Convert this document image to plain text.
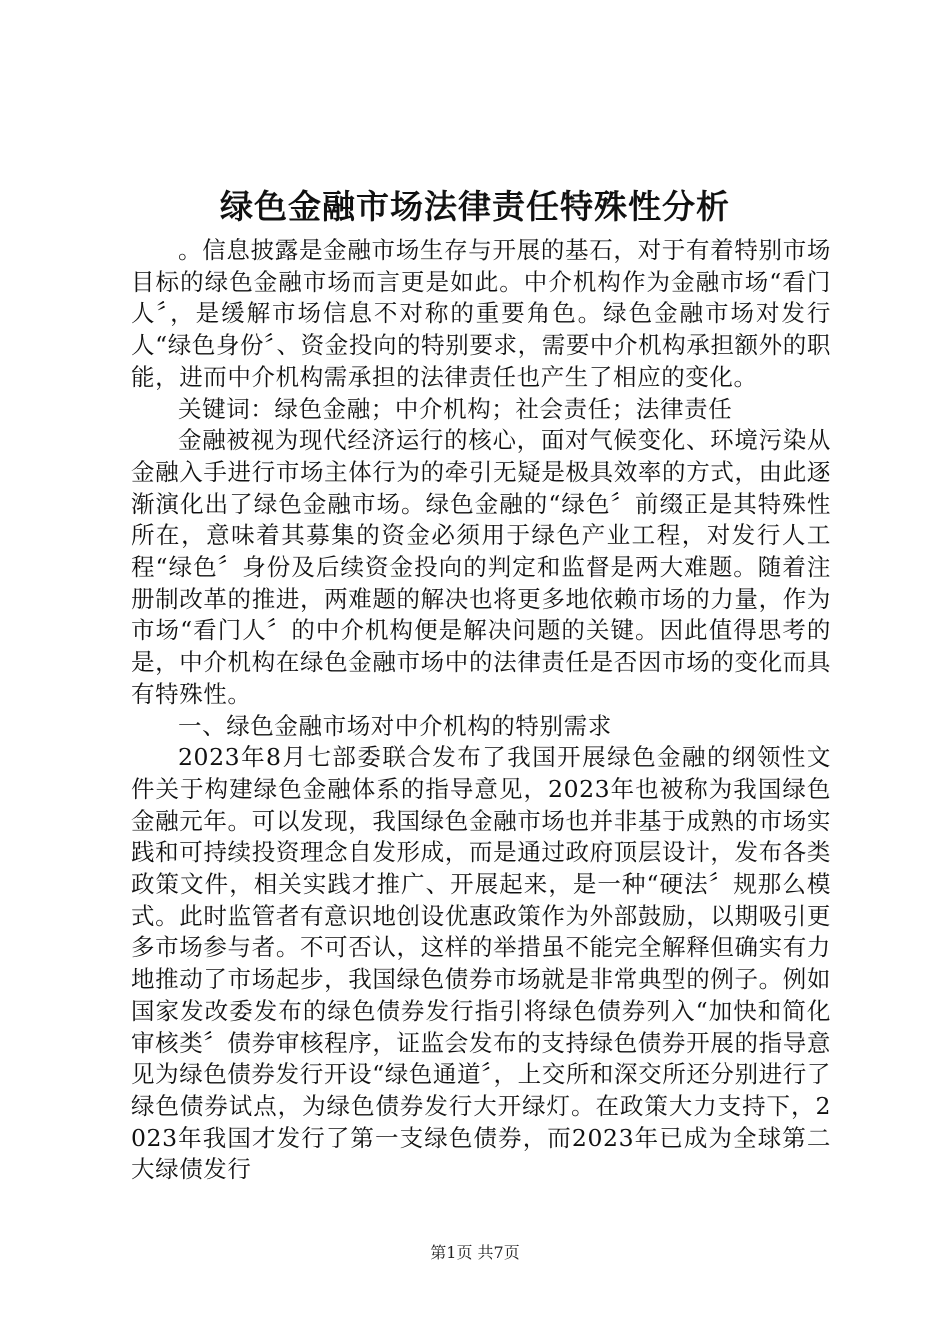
绿色金融市场法律责任特殊性分析

。信息披露是金融市场生存与开展的基石，对于有着特别市场目标的绿色金融市场而言更是如此。中介机构作为金融市场“看门人〞，是缓解市场信息不对称的重要角色。绿色金融市场对发行人“绿色身份〞、资金投向的特别要求，需要中介机构承担额外的职能，进而中介机构需承担的法律责任也产生了相应的变化。

关键词：绿色金融；中介机构；社会责任；法律责任

金融被视为现代经济运行的核心，面对气候变化、环境污染从金融入手进行市场主体行为的牵引无疑是极具效率的方式，由此逐渐演化出了绿色金融市场。绿色金融的“绿色〞前缀正是其特殊性所在，意味着其募集的资金必须用于绿色产业工程，对发行人工程“绿色〞身份及后续资金投向的判定和监督是两大难题。随着注册制改革的推进，两难题的解决也将更多地依赖市场的力量，作为市场“看门人〞的中介机构便是解决问题的关键。因此值得思考的是，中介机构在绿色金融市场中的法律责任是否因市场的变化而具有特殊性。

一、绿色金融市场对中介机构的特别需求

2023年8月七部委联合发布了我国开展绿色金融的纲领性文件关于构建绿色金融体系的指导意见，2023年也被称为我国绿色金融元年。可以发现，我国绿色金融市场也并非基于成熟的市场实践和可持续投资理念自发形成，而是通过政府顶层设计，发布各类政策文件，相关实践才推广、开展起来，是一种“硬法〞规那么模式。此时监管者有意识地创设优惠政策作为外部鼓励，以期吸引更多市场参与者。不可否认，这样的举措虽不能完全解释但确实有力地推动了市场起步，我国绿色债券市场就是非常典型的例子。例如国家发改委发布的绿色债券发行指引将绿色债券列入“加快和简化审核类〞债券审核程序，证监会发布的支持绿色债券开展的指导意见为绿色债券发行开设“绿色通道〞，上交所和深交所还分别进行了绿色债券试点，为绿色债券发行大开绿灯。在政策大力支持下，2023年我国才发行了第一支绿色债券，而2023年已成为全球第二大绿债发行

第1页 共7页
